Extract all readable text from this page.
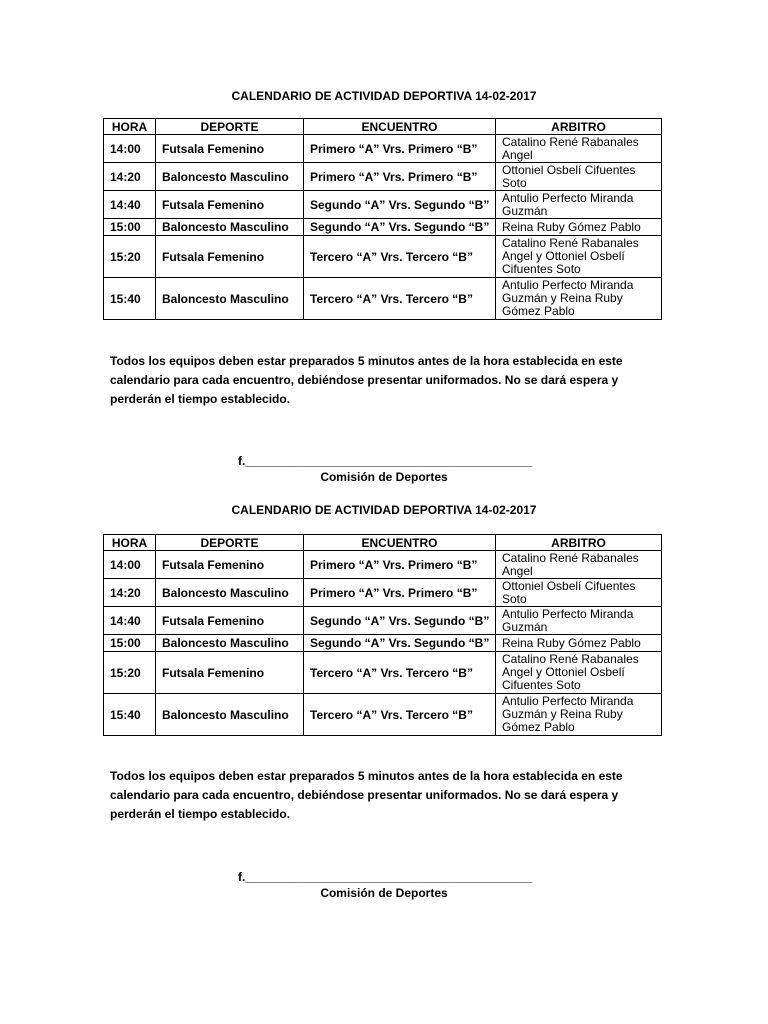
CALENDARIO DE ACTIVIDAD DEPORTIVA 14-02-2017
HORA	DEPORTE	ENCUENTRO	ARBITRO
14:00	Futsala Femenino	Primero “A” Vrs. Primero “B”	Catalino René Rabanales Angel
14:20	Baloncesto Masculino	Primero “A” Vrs. Primero “B”	Ottoniel Osbelí Cifuentes Soto
14:40	Futsala Femenino	Segundo “A” Vrs. Segundo “B”	Antulio Perfecto Miranda Guzmán
15:00	Baloncesto Masculino	Segundo “A” Vrs. Segundo “B”	Reina Ruby Gómez Pablo
15:20	Futsala Femenino	Tercero “A” Vrs. Tercero “B”	Catalino René Rabanales Angel y Ottoniel Osbelí Cifuentes Soto
15:40	Baloncesto Masculino	Tercero “A” Vrs. Tercero “B”	Antulio Perfecto Miranda Guzmán y Reina Ruby Gómez Pablo
Todos los equipos deben estar preparados 5 minutos antes de la hora establecida en este calendario para cada encuentro, debiéndose presentar uniformados. No se dará espera y perderán el tiempo establecido.
f.___________________________________________
Comisión de Deportes
CALENDARIO DE ACTIVIDAD DEPORTIVA 14-02-2017
HORA	DEPORTE	ENCUENTRO	ARBITRO
14:00	Futsala Femenino	Primero “A” Vrs. Primero “B”	Catalino René Rabanales Angel
14:20	Baloncesto Masculino	Primero “A” Vrs. Primero “B”	Ottoniel Osbelí Cifuentes Soto
14:40	Futsala Femenino	Segundo “A” Vrs. Segundo “B”	Antulio Perfecto Miranda Guzmán
15:00	Baloncesto Masculino	Segundo “A” Vrs. Segundo “B”	Reina Ruby Gómez Pablo
15:20	Futsala Femenino	Tercero “A” Vrs. Tercero “B”	Catalino René Rabanales Angel y Ottoniel Osbelí Cifuentes Soto
15:40	Baloncesto Masculino	Tercero “A” Vrs. Tercero “B”	Antulio Perfecto Miranda Guzmán y Reina Ruby Gómez Pablo
Todos los equipos deben estar preparados 5 minutos antes de la hora establecida en este calendario para cada encuentro, debiéndose presentar uniformados. No se dará espera y perderán el tiempo establecido.
f.___________________________________________
Comisión de Deportes
